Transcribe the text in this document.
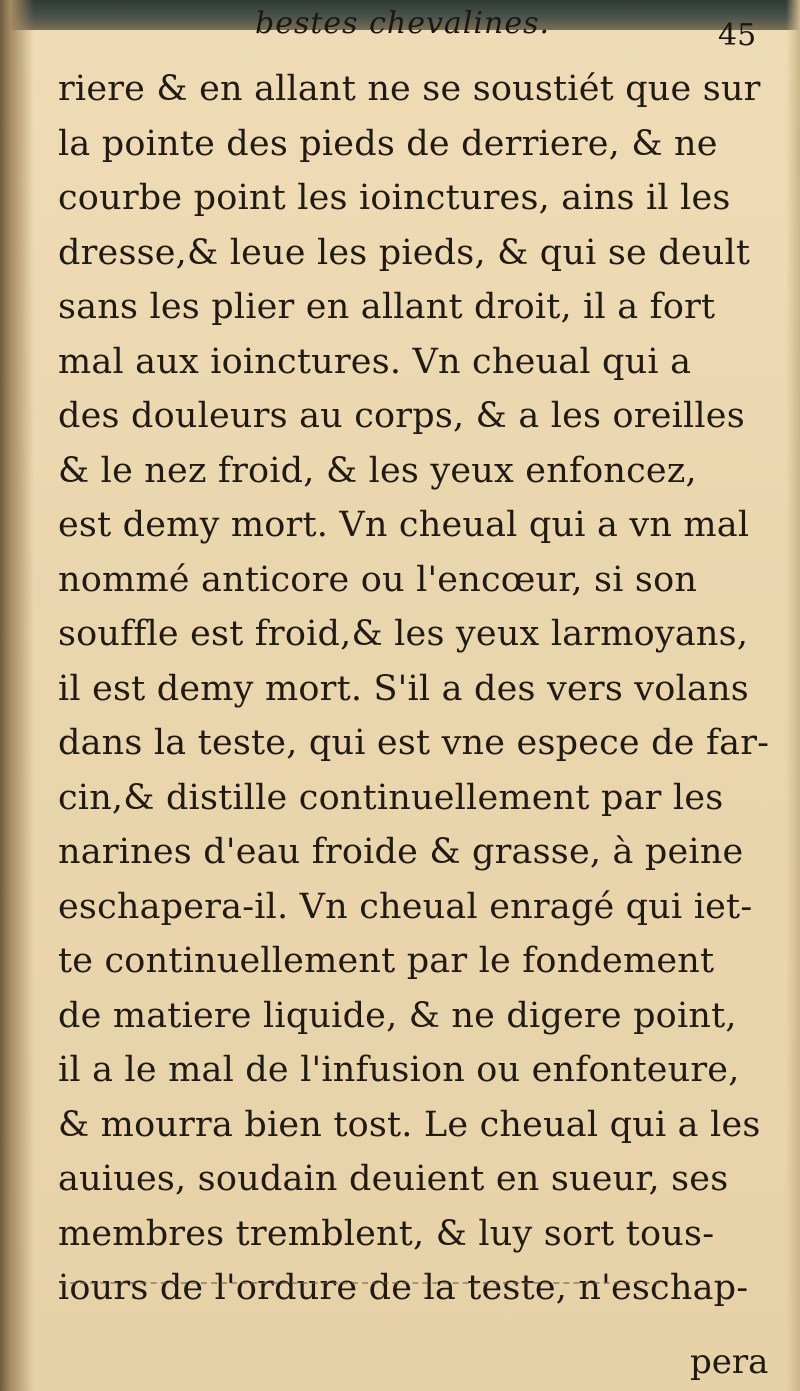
bestes chevalines.	45
riere & en allant ne se soustiét que sur
la pointe des pieds de derriere, & ne
courbe point les ioinctures, ains il les
dresse,& leue les pieds, & qui se deult
sans les plier en allant droit, il a fort
mal aux ioinctures. Vn cheual qui a
des douleurs au corps, & a les oreilles
& le nez froid, & les yeux enfoncez,
est demy mort. Vn cheual qui a vn mal
nommé anticore ou l'encœur, si son
souffle est froid,& les yeux larmoyans,
il est demy mort. S'il a des vers volans
dans la teste, qui est vne espece de far-
cin,& distille continuellement par les
narines d'eau froide & grasse, à peine
eschapera-il. Vn cheual enragé qui iet-
te continuellement par le fondement
de matiere liquide, & ne digere point,
il a le mal de l'infusion ou enfonteure,
& mourra bien tost. Le cheual qui a les
auiues, soudain deuient en sueur, ses
membres tremblent, & luy sort tous-
iours de l'ordure de la teste, n'eschap-
pera
